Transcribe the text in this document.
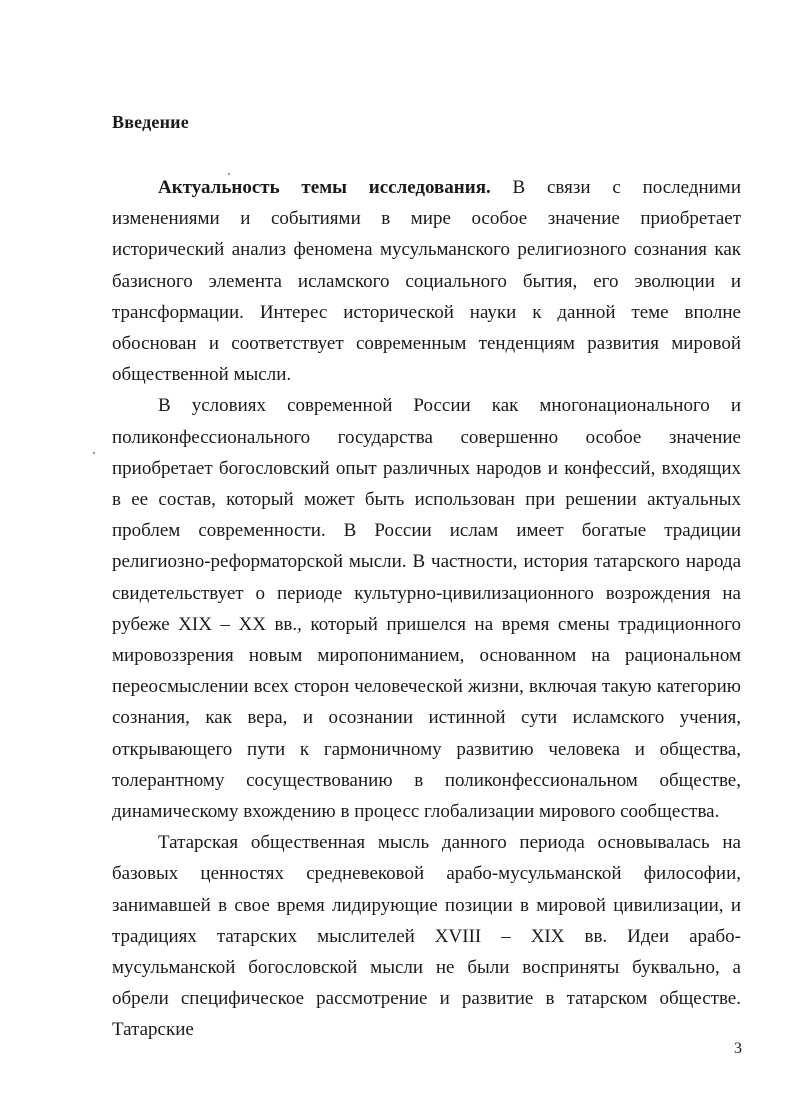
Введение

Актуальность темы исследования. В связи с последними изменениями и событиями в мире особое значение приобретает исторический анализ феномена мусульманского религиозного сознания как базисного элемента исламского социального бытия, его эволюции и трансформации. Интерес исторической науки к данной теме вполне обоснован и соответствует современным тенденциям развития мировой общественной мысли.

В условиях современной России как многонационального и поликонфессионального государства совершенно особое значение приобретает богословский опыт различных народов и конфессий, входящих в ее состав, который может быть использован при решении актуальных проблем современности. В России ислам имеет богатые традиции религиозно-реформаторской мысли. В частности, история татарского народа свидетельствует о периоде культурно-цивилизационного возрождения на рубеже XIX – XX вв., который пришелся на время смены традиционного мировоззрения новым миропониманием, основанном на рациональном переосмыслении всех сторон человеческой жизни, включая такую категорию сознания, как вера, и осознании истинной сути исламского учения, открывающего пути к гармоничному развитию человека и общества, толерантному сосуществованию в поликонфессиональном обществе, динамическому вхождению в процесс глобализации мирового сообщества.

Татарская общественная мысль данного периода основывалась на базовых ценностях средневековой арабо-мусульманской философии, занимавшей в свое время лидирующие позиции в мировой цивилизации, и традициях татарских мыслителей XVIII – XIX вв. Идеи арабо-мусульманской богословской мысли не были восприняты буквально, а обрели специфическое рассмотрение и развитие в татарском обществе. Татарские

3
